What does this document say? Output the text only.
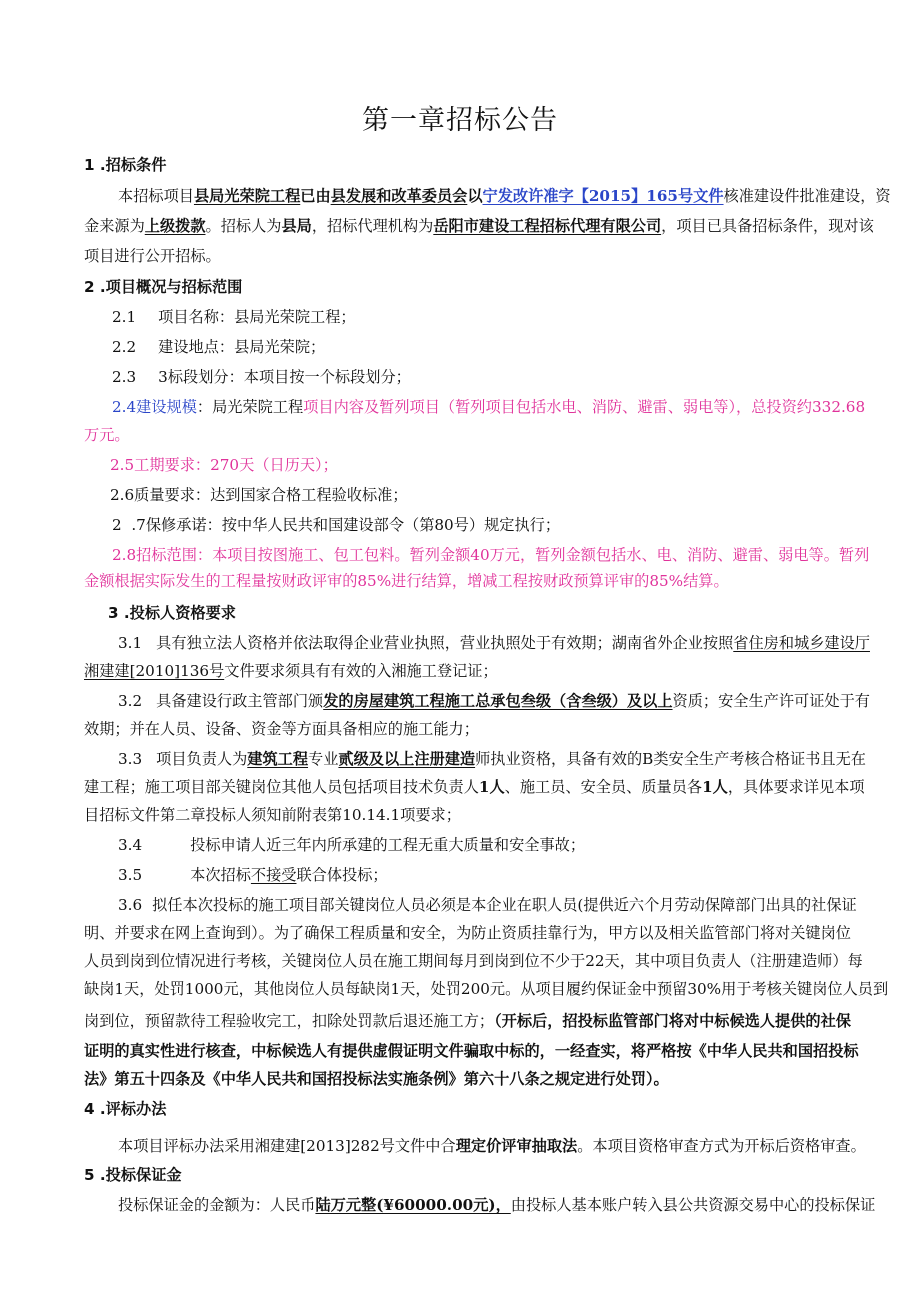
第一章招标公告
1 .招标条件
本招标项目县局光荣院工程已由县发展和改革委员会以宁发改许准字【2015】165号文件核准建设件批准建设，资
金来源为上级拨款。招标人为县局，招标代理机构为岳阳市建设工程招标代理有限公司，项目已具备招标条件，现对该
项目进行公开招标。
2 .项目概况与招标范围
2.1 项目名称：县局光荣院工程；
2.2 建设地点：县局光荣院；
2.3 3标段划分：本项目按一个标段划分；
2.4建设规模：局光荣院工程项目内容及暂列项目（暂列项目包括水电、消防、避雷、弱电等），总投资约332.68
万元。
2.5工期要求：270天（日历天）；
2.6质量要求：达到国家合格工程验收标准；
2 .7保修承诺：按中华人民共和国建设部令（第80号）规定执行；
2.8招标范围：本项目按图施工、包工包料。暂列金额40万元，暂列金额包括水、电、消防、避雷、弱电等。暂列
金额根据实际发生的工程量按财政评审的85%进行结算，增减工程按财政预算评审的85%结算。
3 .投标人资格要求
3.1 具有独立法人资格并依法取得企业营业执照，营业执照处于有效期；湖南省外企业按照省住房和城乡建设厅
湘建建[2010]136号文件要求须具有有效的入湘施工登记证；
3.2 具备建设行政主管部门颁发的房屋建筑工程施工总承包叁级（含叁级）及以上资质；安全生产许可证处于有
效期；并在人员、设备、资金等方面具备相应的施工能力；
3.3 项目负责人为建筑工程专业贰级及以上注册建造师执业资格，具备有效的B类安全生产考核合格证书且无在
建工程；施工项目部关键岗位其他人员包括项目技术负责人1人、施工员、安全员、质量员各1人，具体要求详见本项
目招标文件第二章投标人须知前附表第10.14.1项要求；
3.4	投标申请人近三年内所承建的工程无重大质量和安全事故；
3.5	本次招标不接受联合体投标；
3.6 拟任本次投标的施工项目部关键岗位人员必须是本企业在职人员(提供近六个月劳动保障部门出具的社保证
明、并要求在网上查询到）。为了确保工程质量和安全，为防止资质挂靠行为，甲方以及相关监管部门将对关键岗位
人员到岗到位情况进行考核，关键岗位人员在施工期间每月到岗到位不少于22天，其中项目负责人（注册建造师）每
缺岗1天，处罚1000元，其他岗位人员每缺岗1天，处罚200元。从项目履约保证金中预留30%用于考核关键岗位人员到
岗到位，预留款待工程验收完工，扣除处罚款后退还施工方；（开标后，招投标监管部门将对中标候选人提供的社保
证明的真实性进行核查，中标候选人有提供虚假证明文件骗取中标的，一经查实，将严格按《中华人民共和国招投标
法》第五十四条及《中华人民共和国招投标法实施条例》第六十八条之规定进行处罚）。
4 .评标办法
本项目评标办法采用湘建建[2013]282号文件中合理定价评审抽取法。本项目资格审查方式为开标后资格审查。
5 .投标保证金
投标保证金的金额为：人民币陆万元整(¥60000.00元)，由投标人基本账户转入县公共资源交易中心的投标保证
